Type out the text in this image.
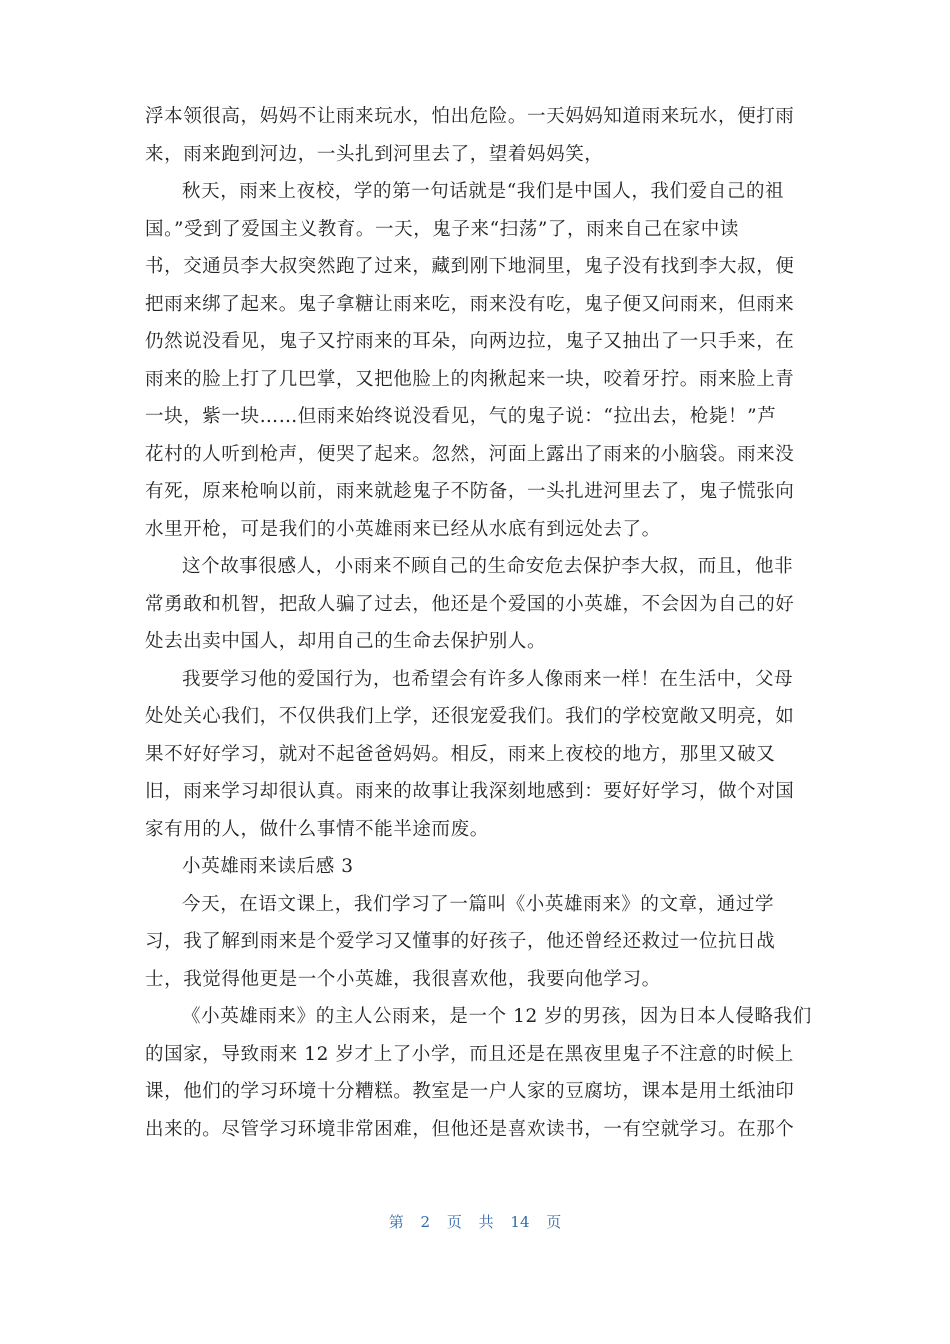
浮本领很高，妈妈不让雨来玩水，怕出危险。一天妈妈知道雨来玩水，便打雨
来，雨来跑到河边，一头扎到河里去了，望着妈妈笑，
秋天，雨来上夜校，学的第一句话就是“我们是中国人，我们爱自己的祖
国。”受到了爱国主义教育。一天，鬼子来“扫荡”了，雨来自己在家中读
书，交通员李大叔突然跑了过来，藏到刚下地洞里，鬼子没有找到李大叔，便
把雨来绑了起来。鬼子拿糖让雨来吃，雨来没有吃，鬼子便又问雨来，但雨来
仍然说没看见，鬼子又拧雨来的耳朵，向两边拉，鬼子又抽出了一只手来，在
雨来的脸上打了几巴掌，又把他脸上的肉揪起来一块，咬着牙拧。雨来脸上青
一块，紫一块……但雨来始终说没看见，气的鬼子说：“拉出去，枪毙！”芦
花村的人听到枪声，便哭了起来。忽然，河面上露出了雨来的小脑袋。雨来没
有死，原来枪响以前，雨来就趁鬼子不防备，一头扎进河里去了，鬼子慌张向
水里开枪，可是我们的小英雄雨来已经从水底有到远处去了。
这个故事很感人，小雨来不顾自己的生命安危去保护李大叔，而且，他非
常勇敢和机智，把敌人骗了过去，他还是个爱国的小英雄，不会因为自己的好
处去出卖中国人，却用自己的生命去保护别人。
我要学习他的爱国行为，也希望会有许多人像雨来一样！在生活中，父母
处处关心我们，不仅供我们上学，还很宠爱我们。我们的学校宽敞又明亮，如
果不好好学习，就对不起爸爸妈妈。相反，雨来上夜校的地方，那里又破又
旧，雨来学习却很认真。雨来的故事让我深刻地感到：要好好学习，做个对国
家有用的人，做什么事情不能半途而废。
小英雄雨来读后感 3
今天，在语文课上，我们学习了一篇叫《小英雄雨来》的文章，通过学
习，我了解到雨来是个爱学习又懂事的好孩子，他还曾经还救过一位抗日战
士，我觉得他更是一个小英雄，我很喜欢他，我要向他学习。
《小英雄雨来》的主人公雨来，是一个 12 岁的男孩，因为日本人侵略我们
的国家，导致雨来 12 岁才上了小学，而且还是在黑夜里鬼子不注意的时候上
课，他们的学习环境十分糟糕。教室是一户人家的豆腐坊，课本是用土纸油印
出来的。尽管学习环境非常困难，但他还是喜欢读书，一有空就学习。在那个
第 2 页 共 14 页
